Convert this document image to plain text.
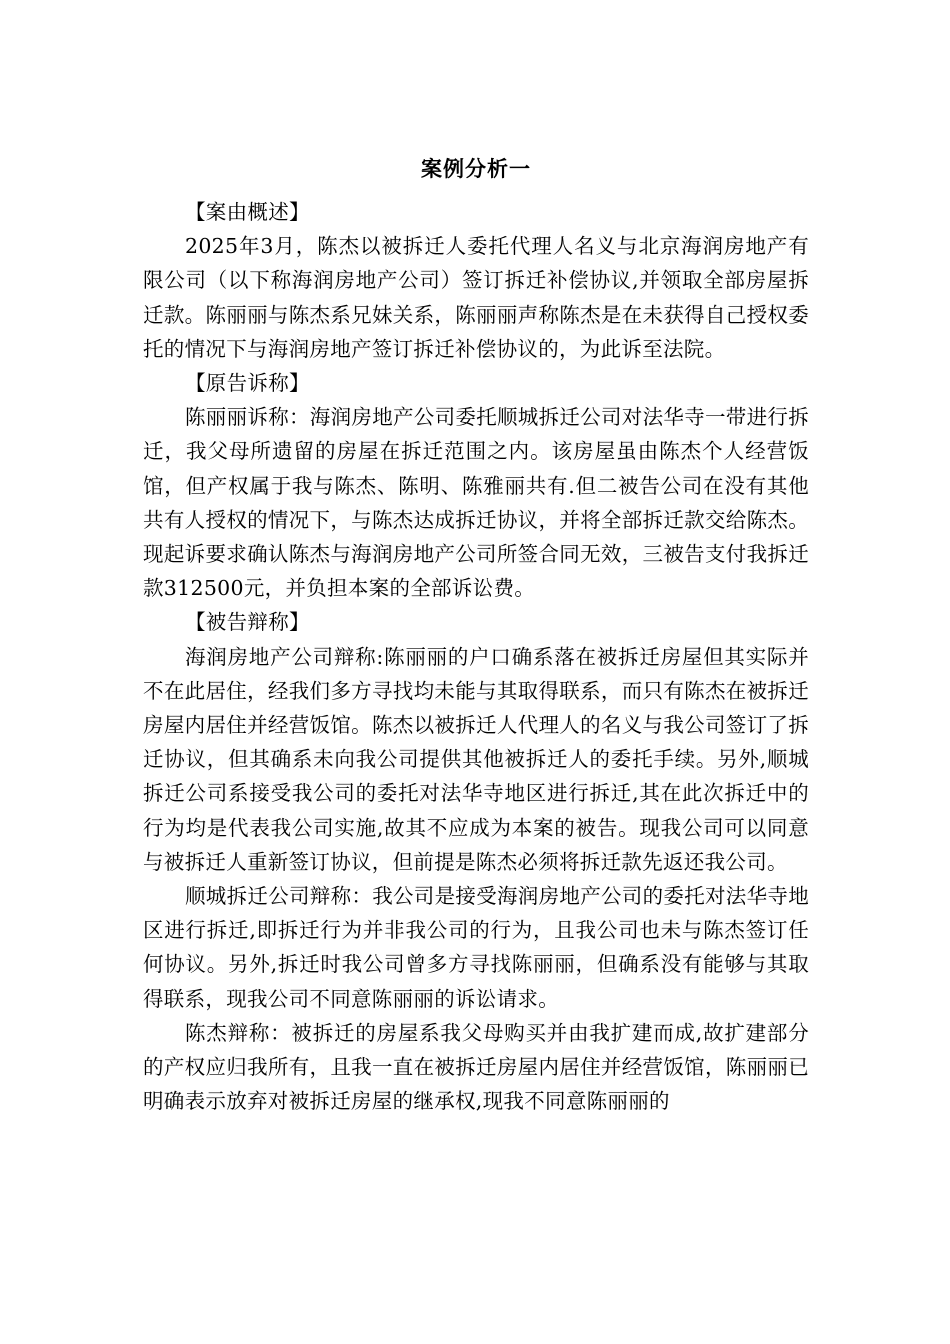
案例分析一

【案由概述】

2025年3月，陈杰以被拆迁人委托代理人名义与北京海润房地产有限公司（以下称海润房地产公司）签订拆迁补偿协议,并领取全部房屋拆迁款。陈丽丽与陈杰系兄妹关系，陈丽丽声称陈杰是在未获得自己授权委托的情况下与海润房地产签订拆迁补偿协议的，为此诉至法院。

【原告诉称】

陈丽丽诉称：海润房地产公司委托顺城拆迁公司对法华寺一带进行拆迁，我父母所遗留的房屋在拆迁范围之内。该房屋虽由陈杰个人经营饭馆，但产权属于我与陈杰、陈明、陈雅丽共有.但二被告公司在没有其他共有人授权的情况下，与陈杰达成拆迁协议，并将全部拆迁款交给陈杰。现起诉要求确认陈杰与海润房地产公司所签合同无效，三被告支付我拆迁款312500元，并负担本案的全部诉讼费。

【被告辩称】

海润房地产公司辩称:陈丽丽的户口确系落在被拆迁房屋但其实际并不在此居住，经我们多方寻找均未能与其取得联系，而只有陈杰在被拆迁房屋内居住并经营饭馆。陈杰以被拆迁人代理人的名义与我公司签订了拆迁协议，但其确系未向我公司提供其他被拆迁人的委托手续。另外,顺城拆迁公司系接受我公司的委托对法华寺地区进行拆迁,其在此次拆迁中的行为均是代表我公司实施,故其不应成为本案的被告。现我公司可以同意与被拆迁人重新签订协议，但前提是陈杰必须将拆迁款先返还我公司。

顺城拆迁公司辩称：我公司是接受海润房地产公司的委托对法华寺地区进行拆迁,即拆迁行为并非我公司的行为，且我公司也未与陈杰签订任何协议。另外,拆迁时我公司曾多方寻找陈丽丽，但确系没有能够与其取得联系，现我公司不同意陈丽丽的诉讼请求。

陈杰辩称：被拆迁的房屋系我父母购买并由我扩建而成,故扩建部分的产权应归我所有，且我一直在被拆迁房屋内居住并经营饭馆，陈丽丽已明确表示放弃对被拆迁房屋的继承权,现我不同意陈丽丽的
